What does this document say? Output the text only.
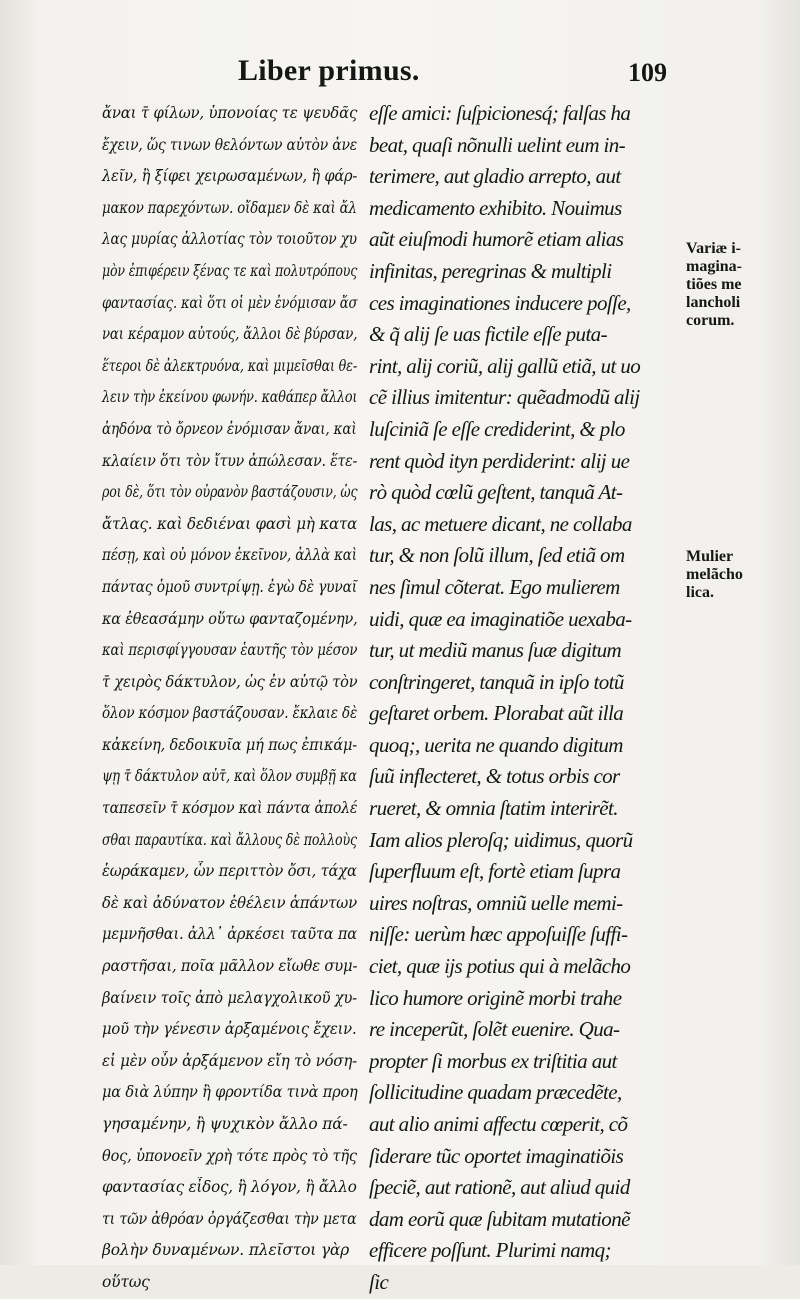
Liber primus.	109
ἄναι τ̄ φίλων, ὑπονοίας τε ψευδᾶς
ἔχειν, ὥς τινων θελόντων αὐτὸν ἀνε
λεῖν, ἢ ξίφει χειρωσαμένων, ἢ φάρ-
μακον παρεχόντων. οἴδαμεν δὲ καὶ ἄλ
λας μυρίας ἀλλοτίας τὸν τοιοῦτον χυ
μὸν ἐπιφέρειν ξένας τε καὶ πολυτρόπους
φαντασίας. καὶ ὅτι οἱ μὲν ἐνόμισαν ἄσ
ναι κέραμον αὐτούς, ἄλλοι δὲ βύρσαν,
ἕτεροι δὲ ἀλεκτρυόνα, καὶ μιμεῖσθαι θε-
λειν τὴν ἐκείνου φωνήν. καθάπερ ἄλλοι
ἀηδόνα τὸ ὄρνεον ἐνόμισαν ἄναι, καὶ
κλαίειν ὅτι τὸν ἴτυν ἀπώλεσαν. ἕτε-
ροι δὲ, ὅτι τὸν οὐρανὸν βαστάζουσιν, ὡς
ἄτλας. καὶ δεδιέναι φασὶ μὴ κατα
πέσῃ, καὶ οὐ μόνον ἐκεῖνον, ἀλλὰ καὶ
πάντας ὁμοῦ συντρίψῃ. ἐγὼ δὲ γυναῖ
κα ἐθεασάμην οὕτω φανταζομένην,
καὶ περισφίγγουσαν ἑαυτῆς τὸν μέσον
τ̄ χειρὸς δάκτυλον, ὡς ἐν αὐτῷ τὸν
ὅλον κόσμον βαστάζουσαν. ἔκλαιε δὲ
κἀκείνη, δεδοικυῖα μή πως ἐπικάμ-
ψῃ τ̄ δάκτυλον αὐτ̄, καὶ ὅλον συμβῇ κα
ταπεσεῖν τ̄ κόσμον καὶ πάντα ἀπολέ
σθαι παραυτίκα. καὶ ἄλλους δὲ πολλοὺς
ἑωράκαμεν, ὧν περιττὸν ὄσι, τάχα
δὲ καὶ ἀδύνατον ἐθέλειν ἁπάντων
μεμνῆσθαι. ἀλλ᾽ ἀρκέσει ταῦτα πα
ραστῆσαι, ποῖα μᾶλλον εἴωθε συμ-
βαίνειν τοῖς ἀπὸ μελαγχολικοῦ χυ-
μοῦ τὴν γένεσιν ἀρξαμένοις ἔχειν.
εἰ μὲν οὖν ἀρξάμενον εἴη τὸ νόση-
μα διὰ λύπην ἢ φροντίδα τινὰ προη
γησαμένην, ἢ ψυχικὸν ἄλλο πά-
θος, ὑπονοεῖν χρὴ τότε πρὸς τὸ τῆς
φαντασίας εἶδος, ἢ λόγον, ἢ ἄλλο
τι τῶν ἀθρόαν ὀργάζεσθαι τὴν μετα
βολὴν δυναμένων. πλεῖστοι γὰρ
οὕτως
eſſe amici: ſuſpicionesq́; falſas ha
beat, quaſi nõnulli uelint eum in-
terimere, aut gladio arrepto, aut
medicamento exhibito. Nouimus
aũt eiuſmodi humorẽ etiam alias
infinitas, peregrinas & multipli
ces imaginationes inducere poſſe,
& q̃ alij ſe uas fictile eſſe puta-
rint, alij coriũ, alij gallũ etiã, ut uo
cẽ illius imitentur: quẽadmodũ alij
luſciniã ſe eſſe crediderint, & plo
rent quòd ityn perdiderint: alij ue
rò quòd cœlũ geſtent, tanquã At-
las, ac metuere dicant, ne collaba
tur, & non ſolũ illum, ſed etiã om
nes ſimul cõterat. Ego mulierem
uidi, quæ ea imaginatiõe uexaba-
tur, ut mediũ manus ſuæ digitum
conſtringeret, tanquã in ipſo totũ
geſtaret orbem. Plorabat aũt illa
quoq;, uerita ne quando digitum
ſuũ inflecteret, & totus orbis cor
rueret, & omnia ſtatim interirẽt.
Iam alios pleroſq; uidimus, quorũ
ſuperfluum eſt, fortè etiam ſupra
uires noſtras, omniũ uelle memi-
niſſe: uerùm hæc appoſuiſſe ſuffi-
ciet, quæ ijs potius qui à melãcho
lico humore originẽ morbi trahe
re inceperũt, ſolẽt euenire. Qua-
propter ſi morbus ex triſtitia aut
ſollicitudine quadam præcedẽte,
aut alio animi affectu cœperit, cõ
ſiderare tũc oportet imaginatiõis
ſpeciẽ, aut rationẽ, aut aliud quid
dam eorũ quæ ſubitam mutationẽ
efficere poſſunt. Plurimi namq;
ſic
Variæ i-
magina-
tiões me
lancholi
corum.
Mulier
melãcho
lica.
